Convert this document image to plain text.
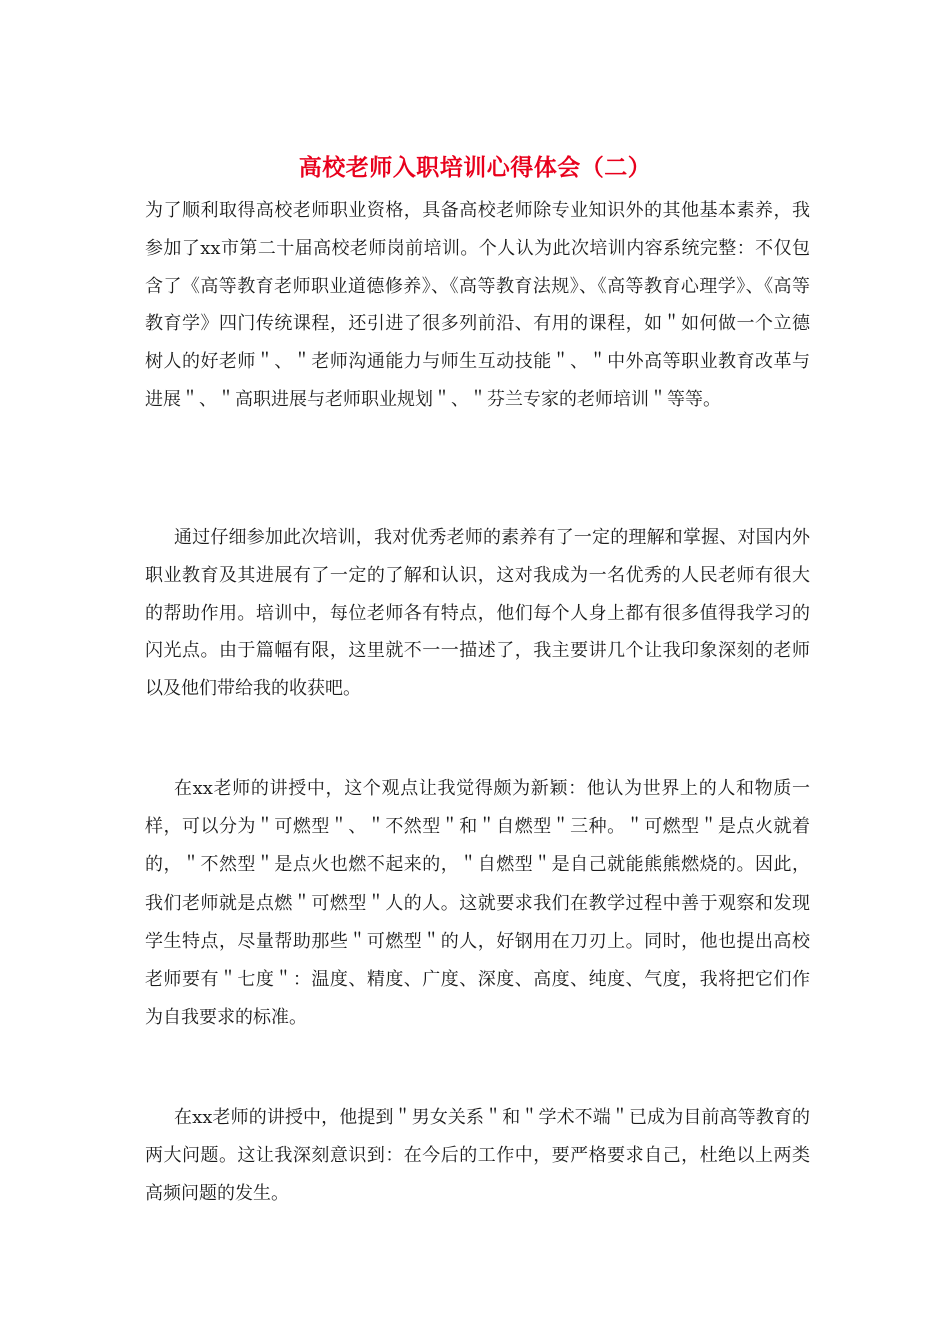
高校老师入职培训心得体会（二）

为了顺利取得高校老师职业资格，具备高校老师除专业知识外的其他基本素养，我参加了xx市第二十届高校老师岗前培训。个人认为此次培训内容系统完整：不仅包含了《高等教育老师职业道德修养》、《高等教育法规》、《高等教育心理学》、《高等教育学》四门传统课程，还引进了很多列前沿、有用的课程，如＂如何做一个立德树人的好老师＂、＂老师沟通能力与师生互动技能＂、＂中外高等职业教育改革与进展＂、＂高职进展与老师职业规划＂、＂芬兰专家的老师培训＂等等。

通过仔细参加此次培训，我对优秀老师的素养有了一定的理解和掌握、对国内外职业教育及其进展有了一定的了解和认识，这对我成为一名优秀的人民老师有很大的帮助作用。培训中，每位老师各有特点，他们每个人身上都有很多值得我学习的闪光点。由于篇幅有限，这里就不一一描述了，我主要讲几个让我印象深刻的老师以及他们带给我的收获吧。

在xx老师的讲授中，这个观点让我觉得颇为新颖：他认为世界上的人和物质一样，可以分为＂可燃型＂、＂不然型＂和＂自燃型＂三种。＂可燃型＂是点火就着的，＂不然型＂是点火也燃不起来的，＂自燃型＂是自己就能熊熊燃烧的。因此，我们老师就是点燃＂可燃型＂人的人。这就要求我们在教学过程中善于观察和发现学生特点，尽量帮助那些＂可燃型＂的人，好钢用在刀刃上。同时，他也提出高校老师要有＂七度＂：温度、精度、广度、深度、高度、纯度、气度，我将把它们作为自我要求的标准。

在xx老师的讲授中，他提到＂男女关系＂和＂学术不端＂已成为目前高等教育的两大问题。这让我深刻意识到：在今后的工作中，要严格要求自己，杜绝以上两类高频问题的发生。
